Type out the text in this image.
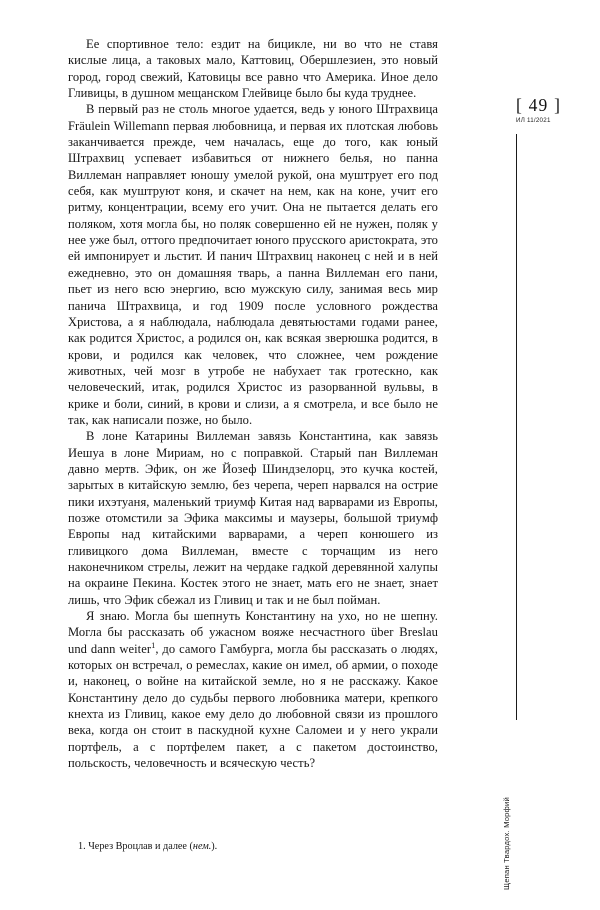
Ее спортивное тело: ездит на бицикле, ни во что не ставя кислые лица, а таковых мало, Каттовиц, Обершлезиен, это новый город, город свежий, Катовицы все равно что Америка. Иное дело Гливицы, в душном мещанском Глейвице было бы куда труднее.

В первый раз не столь многое удается, ведь у юного Штрахвица Fräulein Willemann первая любовница, и первая их плотская любовь заканчивается прежде, чем началась, еще до того, как юный Штрахвиц успевает избавиться от нижнего белья, но панна Виллеман направляет юношу умелой рукой, она муштрует его под себя, как муштруют коня, и скачет на нем, как на коне, учит его ритму, концентрации, всему его учит. Она не пытается делать его поляком, хотя могла бы, но поляк совершенно ей не нужен, поляк у нее уже был, оттого предпочитает юного прусского аристократа, это ей импонирует и льстит. И панич Штрахвиц наконец с ней и в ней ежедневно, это он домашняя тварь, а панна Виллеман его пани, пьет из него всю энергию, всю мужскую силу, занимая весь мир панича Штрахвица, и год 1909 после условного рождества Христова, а я наблюдала, наблюдала девятьюстами годами ранее, как родится Христос, а родился он, как всякая зверюшка родится, в крови, и родился как человек, что сложнее, чем рождение животных, чей мозг в утробе не набухает так гротескно, как человеческий, итак, родился Христос из разорванной вульвы, в крике и боли, синий, в крови и слизи, а я смотрела, и все было не так, как написали позже, но было.

В лоне Катарины Виллеман завязь Константина, как завязь Иешуа в лоне Мириам, но с поправкой. Старый пан Виллеман давно мертв. Эфик, он же Йозеф Шиндзелорц, это кучка костей, зарытых в китайскую землю, без черепа, череп нарвался на острие пики ихэтуаня, маленький триумф Китая над варварами из Европы, позже отомстили за Эфика максимы и маузеры, большой триумф Европы над китайскими варварами, а череп конюшего из гливицкого дома Виллеман, вместе с торчащим из него наконечником стрелы, лежит на чердаке гадкой деревянной халупы на окраине Пекина. Костек этого не знает, мать его не знает, знает лишь, что Эфик сбежал из Гливиц и так и не был пойман.

Я знаю. Могла бы шепнуть Константину на ухо, но не шепну. Могла бы рассказать об ужасном вояже несчастного über Breslau und dann weiter$^1$, до самого Гамбурга, могла бы рассказать о людях, которых он встречал, о ремеслах, какие он имел, об армии, о походе и, наконец, о войне на китайской земле, но я не расскажу. Какое Константину дело до судьбы первого любовника матери, крепкого кнехта из Гливиц, какое ему дело до любовной связи из прошлого века, когда он стоит в паскудной кухне Саломеи и у него украли портфель, а с портфелем пакет, а с пакетом достоинство, польскость, человечность и всяческую честь?

1. Через Вроцлав и далее (нем.).

[ 49 ]
ИЛ 11/2021
Щепан Твардох. Морфий
